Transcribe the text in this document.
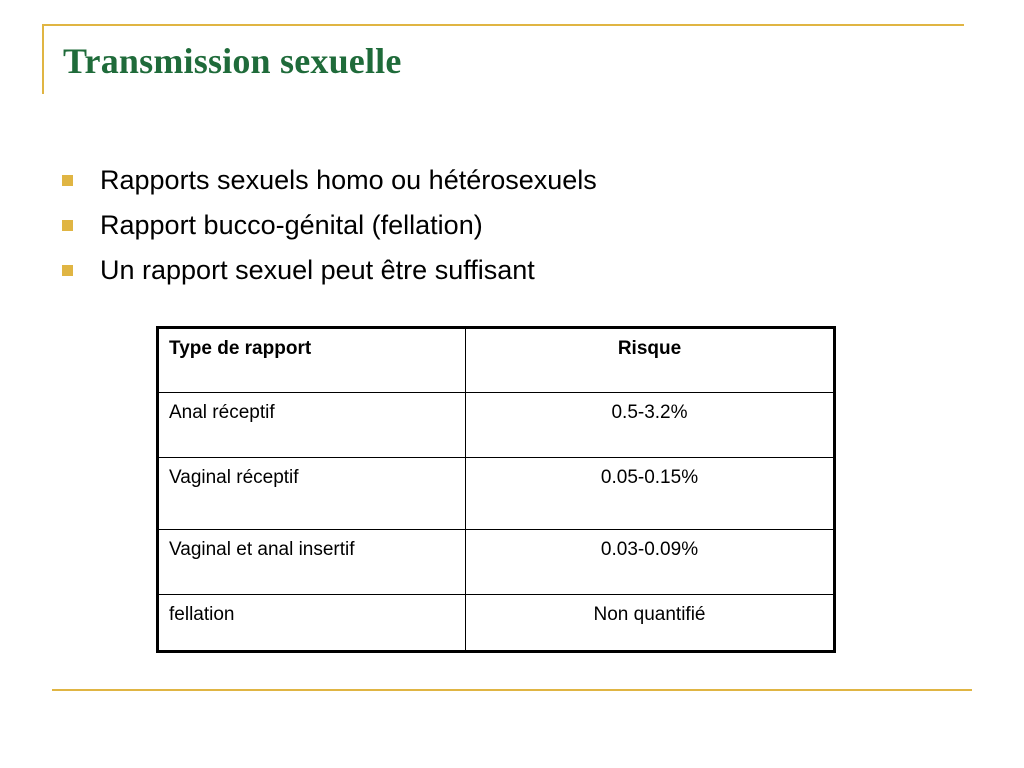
Transmission sexuelle
Rapports sexuels homo ou hétérosexuels
Rapport bucco-génital (fellation)
Un rapport sexuel peut être suffisant
Type de rapport	Risque
Anal réceptif	0.5-3.2%
Vaginal réceptif	0.05-0.15%
Vaginal et anal insertif	0.03-0.09%
fellation	Non quantifié
